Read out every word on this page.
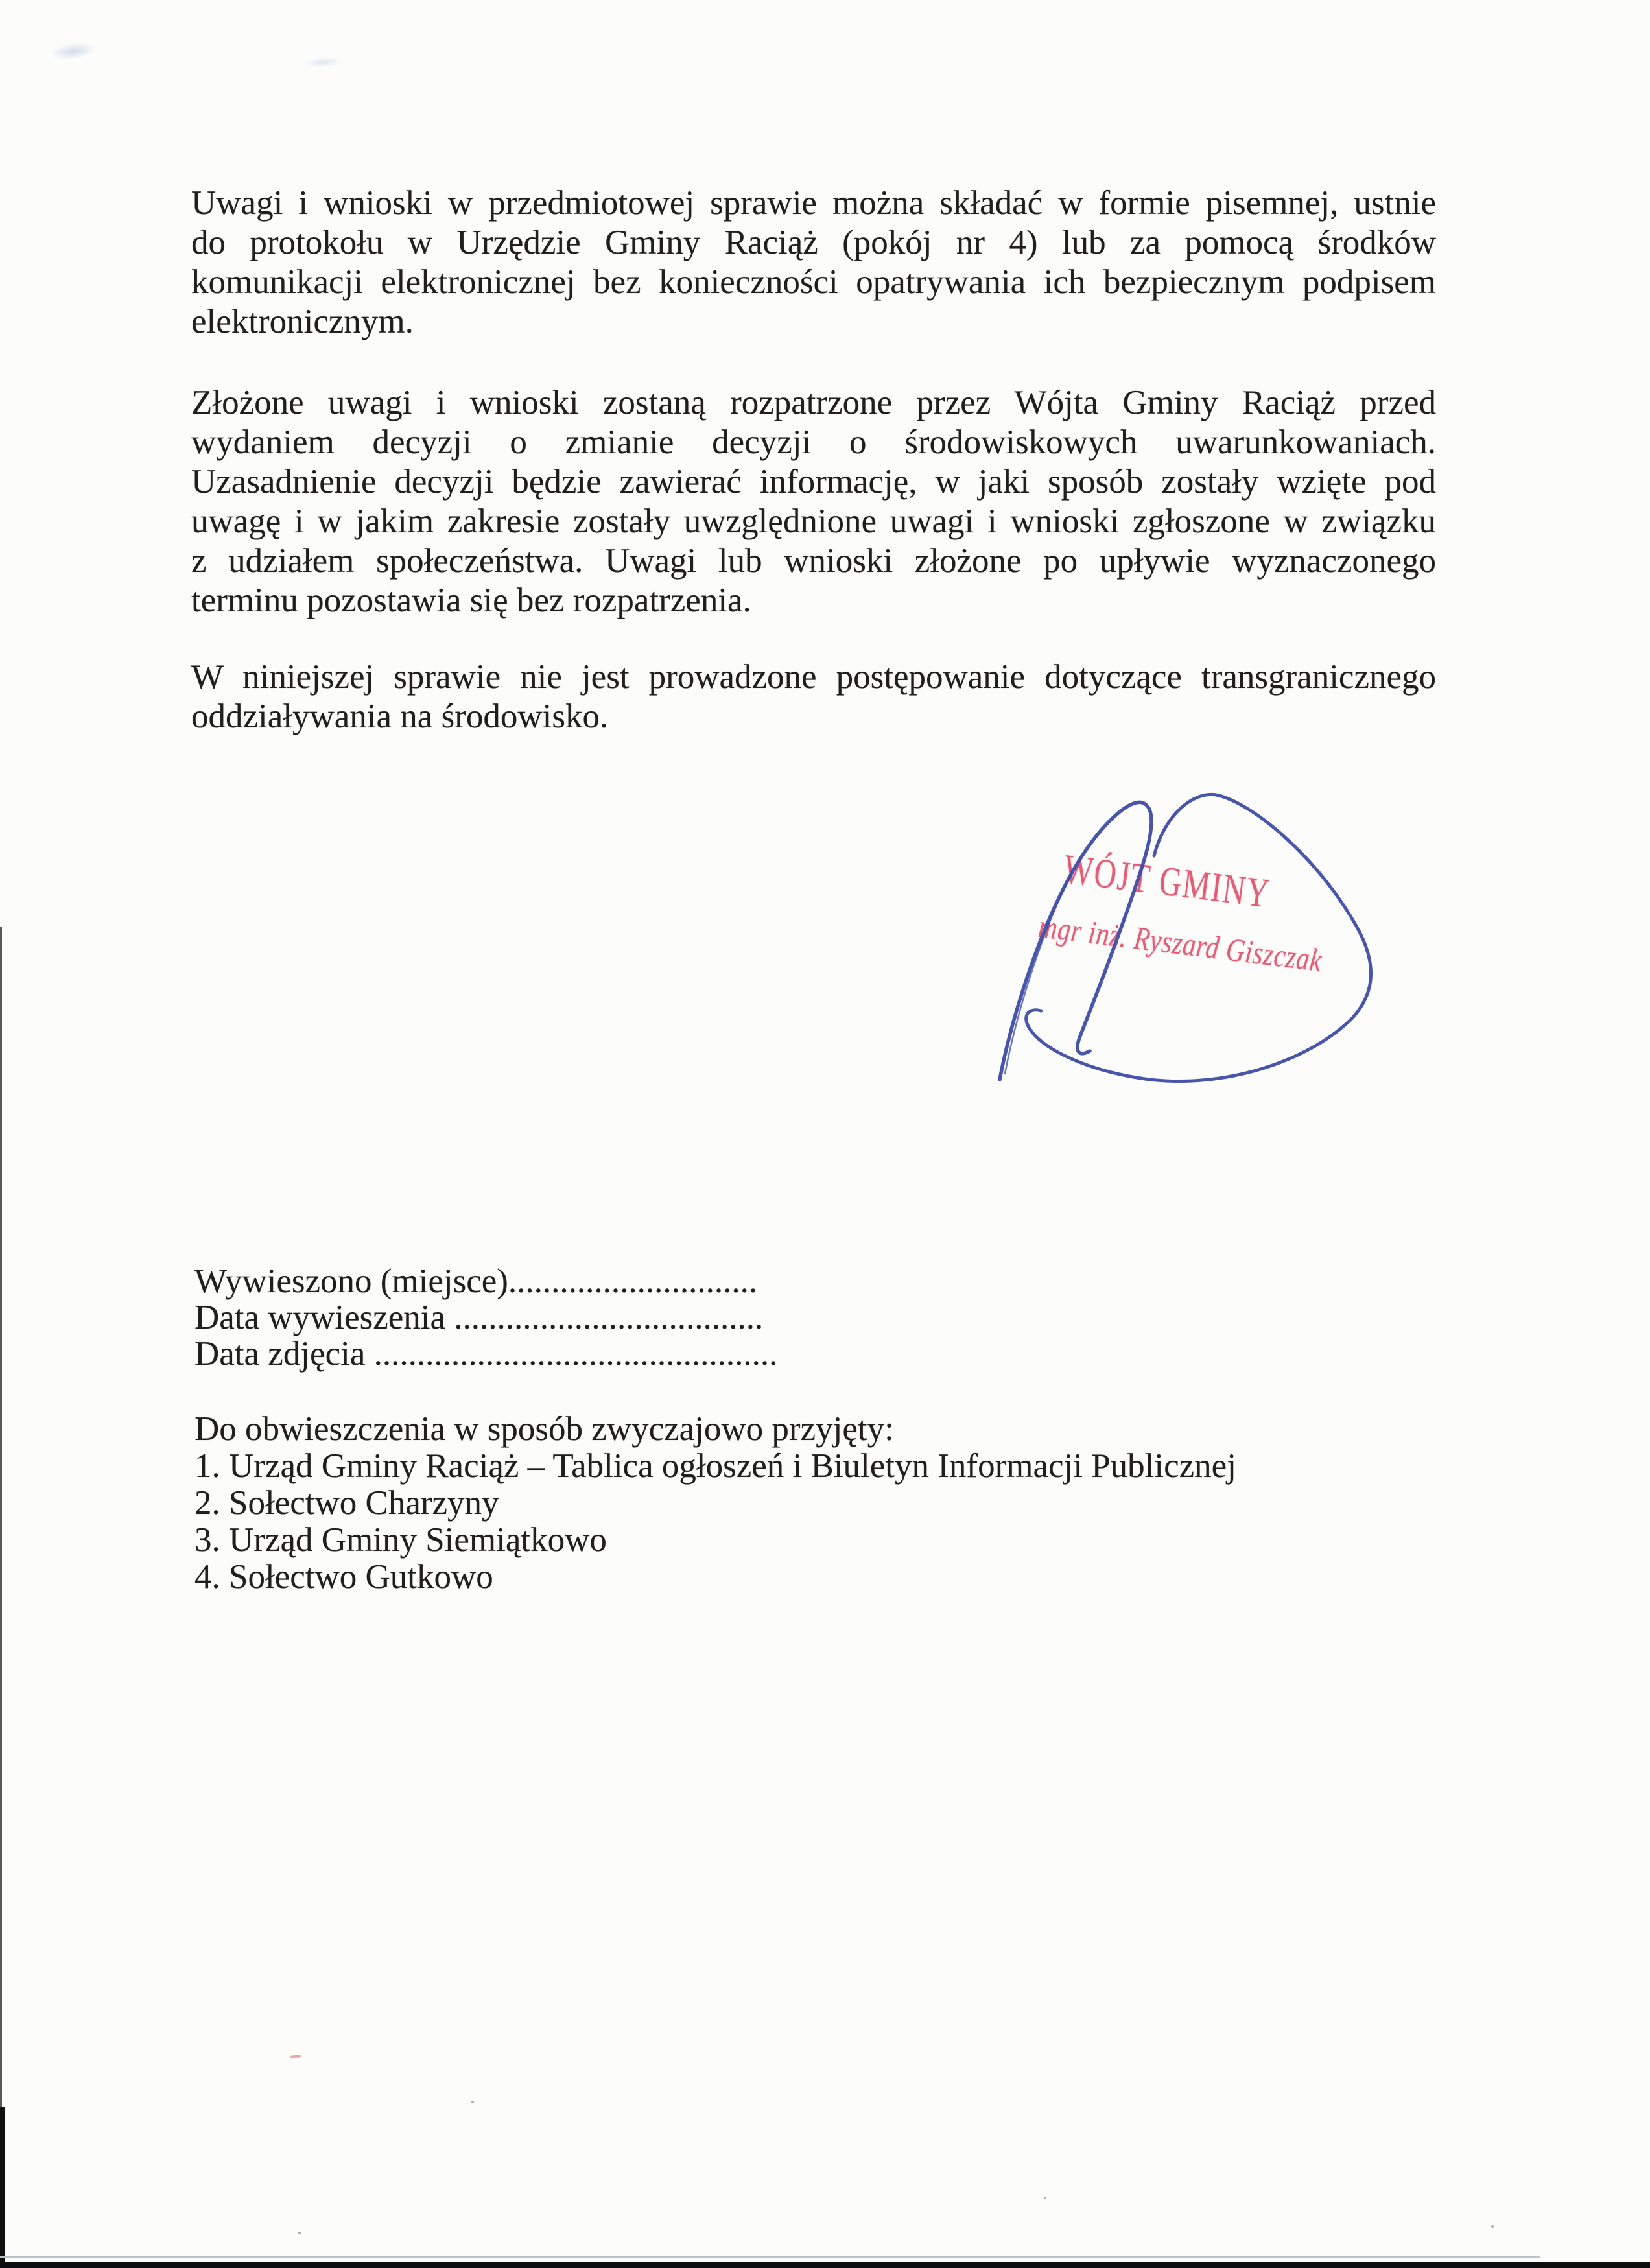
Uwagi i wnioski w przedmiotowej sprawie można składać w formie pisemnej, ustnie
do protokołu w Urzędzie Gminy Raciąż (pokój nr 4) lub za pomocą środków
komunikacji elektronicznej bez konieczności opatrywania ich bezpiecznym podpisem
elektronicznym.
Złożone uwagi i wnioski zostaną rozpatrzone przez Wójta Gminy Raciąż przed
wydaniem decyzji o zmianie decyzji o środowiskowych uwarunkowaniach.
Uzasadnienie decyzji będzie zawierać informację, w jaki sposób zostały wzięte pod
uwagę i w jakim zakresie zostały uwzględnione uwagi i wnioski zgłoszone w związku
z udziałem społeczeństwa. Uwagi lub wnioski złożone po upływie wyznaczonego
terminu pozostawia się bez rozpatrzenia.
W niniejszej sprawie nie jest prowadzone postępowanie dotyczące transgranicznego
oddziaływania na środowisko.
WÓJT GMINY
mgr inż. Ryszard Giszczak
Wywieszono (miejsce).............................
Data wywieszenia ....................................
Data zdjęcia ...............................................
Do obwieszczenia w sposób zwyczajowo przyjęty:
1. Urząd Gminy Raciąż – Tablica ogłoszeń i Biuletyn Informacji Publicznej
2. Sołectwo Charzyny
3. Urząd Gminy Siemiątkowo
4. Sołectwo Gutkowo
